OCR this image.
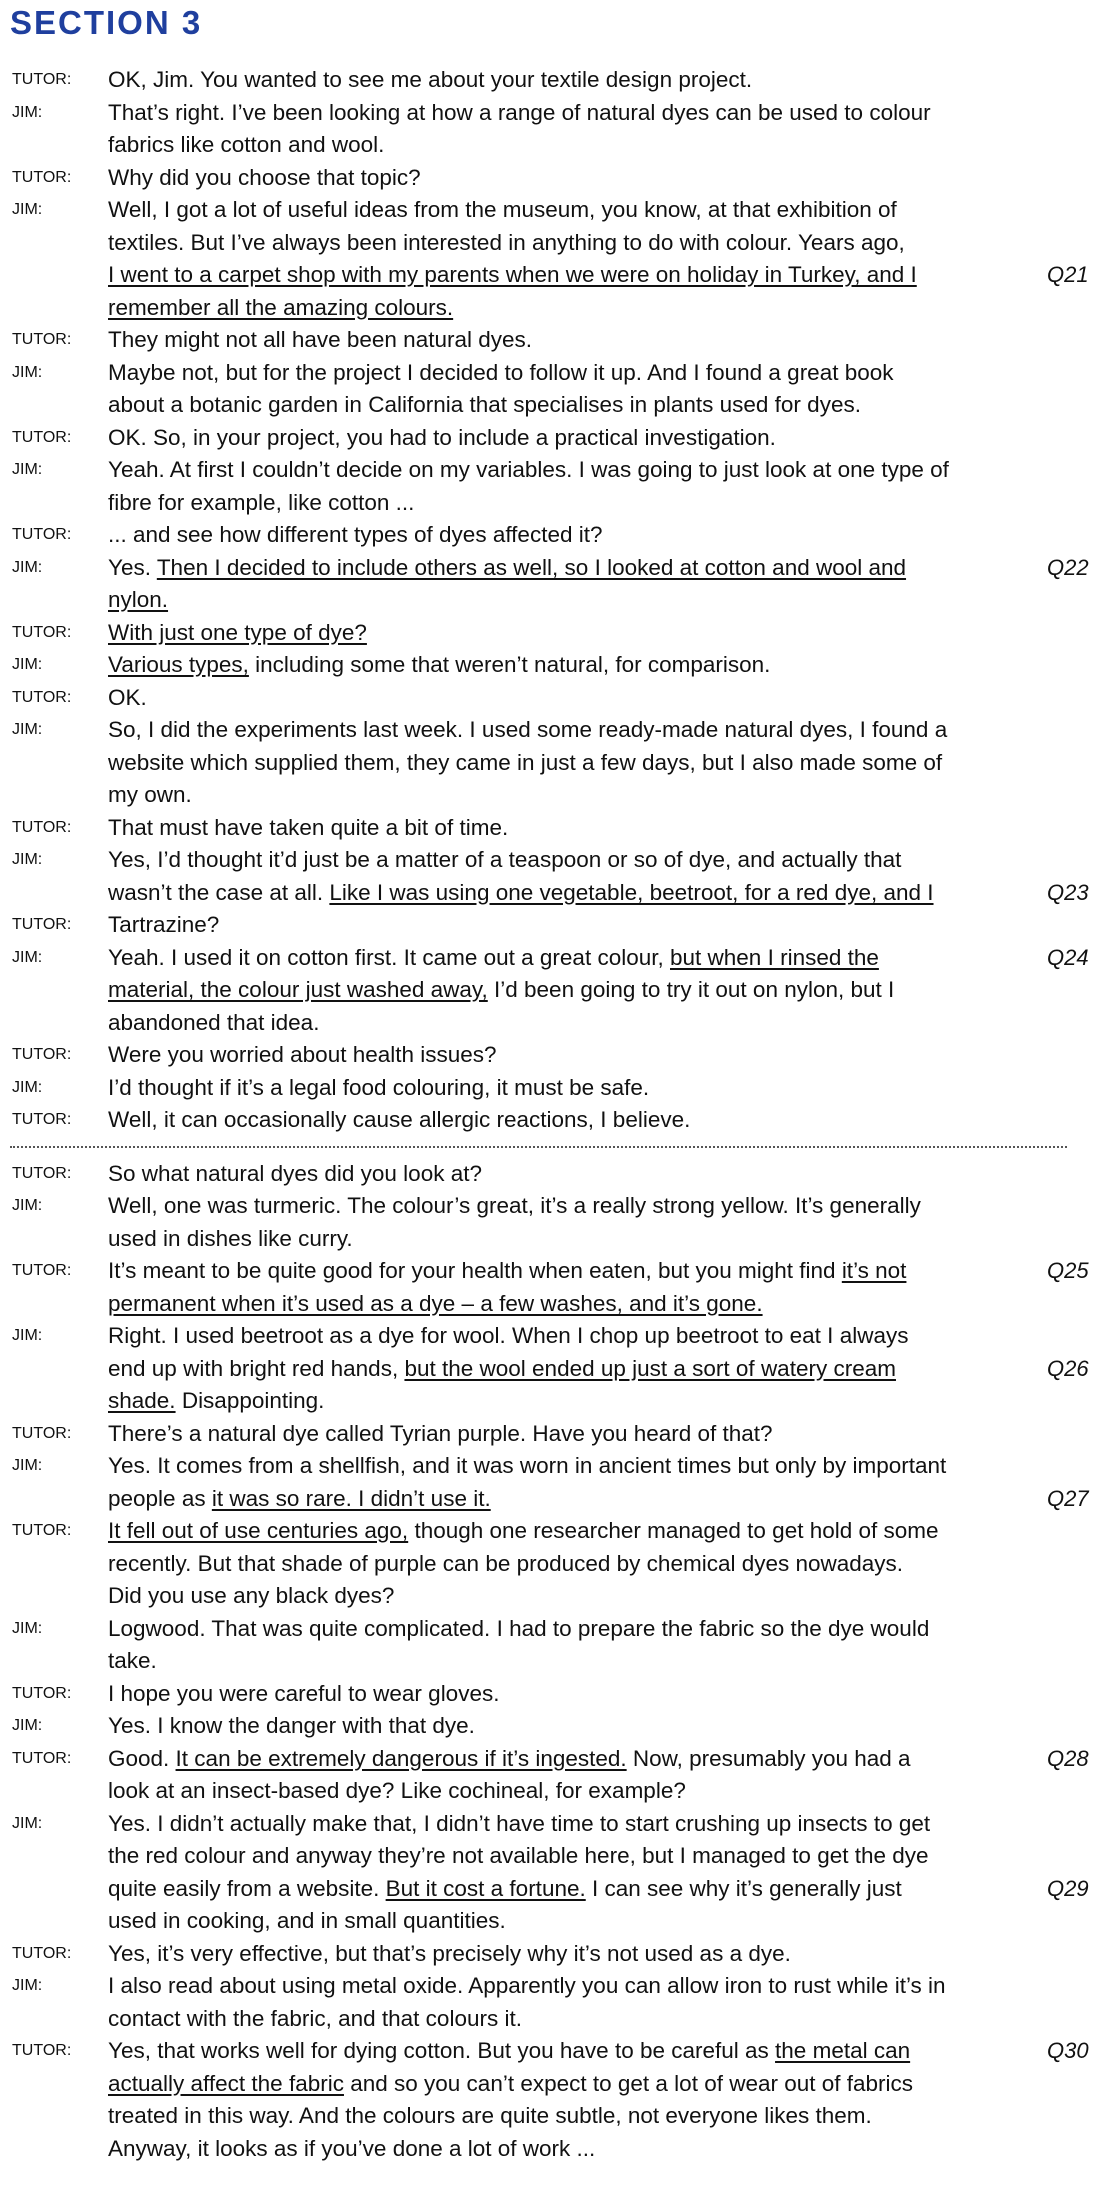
SECTION 3
TUTOR:	OK, Jim. You wanted to see me about your textile design project.
JIM:	That’s right. I’ve been looking at how a range of natural dyes can be used to colour
fabrics like cotton and wool.
TUTOR:	Why did you choose that topic?
JIM:	Well, I got a lot of useful ideas from the museum, you know, at that exhibition of
textiles. But I’ve always been interested in anything to do with colour. Years ago,
I went to a carpet shop with my parents when we were on holiday in Turkey, and I	Q21
remember all the amazing colours.
TUTOR:	They might not all have been natural dyes.
JIM:	Maybe not, but for the project I decided to follow it up. And I found a great book
about a botanic garden in California that specialises in plants used for dyes.
TUTOR:	OK. So, in your project, you had to include a practical investigation.
JIM:	Yeah. At first I couldn’t decide on my variables. I was going to just look at one type of
fibre for example, like cotton ...
TUTOR:	... and see how different types of dyes affected it?
JIM:	Yes. Then I decided to include others as well, so I looked at cotton and wool and	Q22
nylon.
TUTOR:	With just one type of dye?
JIM:	Various types, including some that weren’t natural, for comparison.
TUTOR:	OK.
JIM:	So, I did the experiments last week. I used some ready-made natural dyes, I found a
website which supplied them, they came in just a few days, but I also made some of
my own.
TUTOR:	That must have taken quite a bit of time.
JIM:	Yes, I’d thought it’d just be a matter of a teaspoon or so of dye, and actually that
wasn’t the case at all. Like I was using one vegetable, beetroot, for a red dye, and I	Q23
TUTOR:	Tartrazine?
JIM:	Yeah. I used it on cotton first. It came out a great colour, but when I rinsed the	Q24
material, the colour just washed away, I’d been going to try it out on nylon, but I
abandoned that idea.
TUTOR:	Were you worried about health issues?
JIM:	I’d thought if it’s a legal food colouring, it must be safe.
TUTOR:	Well, it can occasionally cause allergic reactions, I believe.
TUTOR:	So what natural dyes did you look at?
JIM:	Well, one was turmeric. The colour’s great, it’s a really strong yellow. It’s generally
used in dishes like curry.
TUTOR:	It’s meant to be quite good for your health when eaten, but you might find it’s not	Q25
permanent when it’s used as a dye – a few washes, and it’s gone.
JIM:	Right. I used beetroot as a dye for wool. When I chop up beetroot to eat I always
end up with bright red hands, but the wool ended up just a sort of watery cream	Q26
shade. Disappointing.
TUTOR:	There’s a natural dye called Tyrian purple. Have you heard of that?
JIM:	Yes. It comes from a shellfish, and it was worn in ancient times but only by important
people as it was so rare. I didn’t use it.	Q27
TUTOR:	It fell out of use centuries ago, though one researcher managed to get hold of some
recently. But that shade of purple can be produced by chemical dyes nowadays.
Did you use any black dyes?
JIM:	Logwood. That was quite complicated. I had to prepare the fabric so the dye would
take.
TUTOR:	I hope you were careful to wear gloves.
JIM:	Yes. I know the danger with that dye.
TUTOR:	Good. It can be extremely dangerous if it’s ingested. Now, presumably you had a	Q28
look at an insect-based dye? Like cochineal, for example?
JIM:	Yes. I didn’t actually make that, I didn’t have time to start crushing up insects to get
the red colour and anyway they’re not available here, but I managed to get the dye
quite easily from a website. But it cost a fortune. I can see why it’s generally just	Q29
used in cooking, and in small quantities.
TUTOR:	Yes, it’s very effective, but that’s precisely why it’s not used as a dye.
JIM:	I also read about using metal oxide. Apparently you can allow iron to rust while it’s in
contact with the fabric, and that colours it.
TUTOR:	Yes, that works well for dying cotton. But you have to be careful as the metal can	Q30
actually affect the fabric and so you can’t expect to get a lot of wear out of fabrics
treated in this way. And the colours are quite subtle, not everyone likes them.
Anyway, it looks as if you’ve done a lot of work ...
